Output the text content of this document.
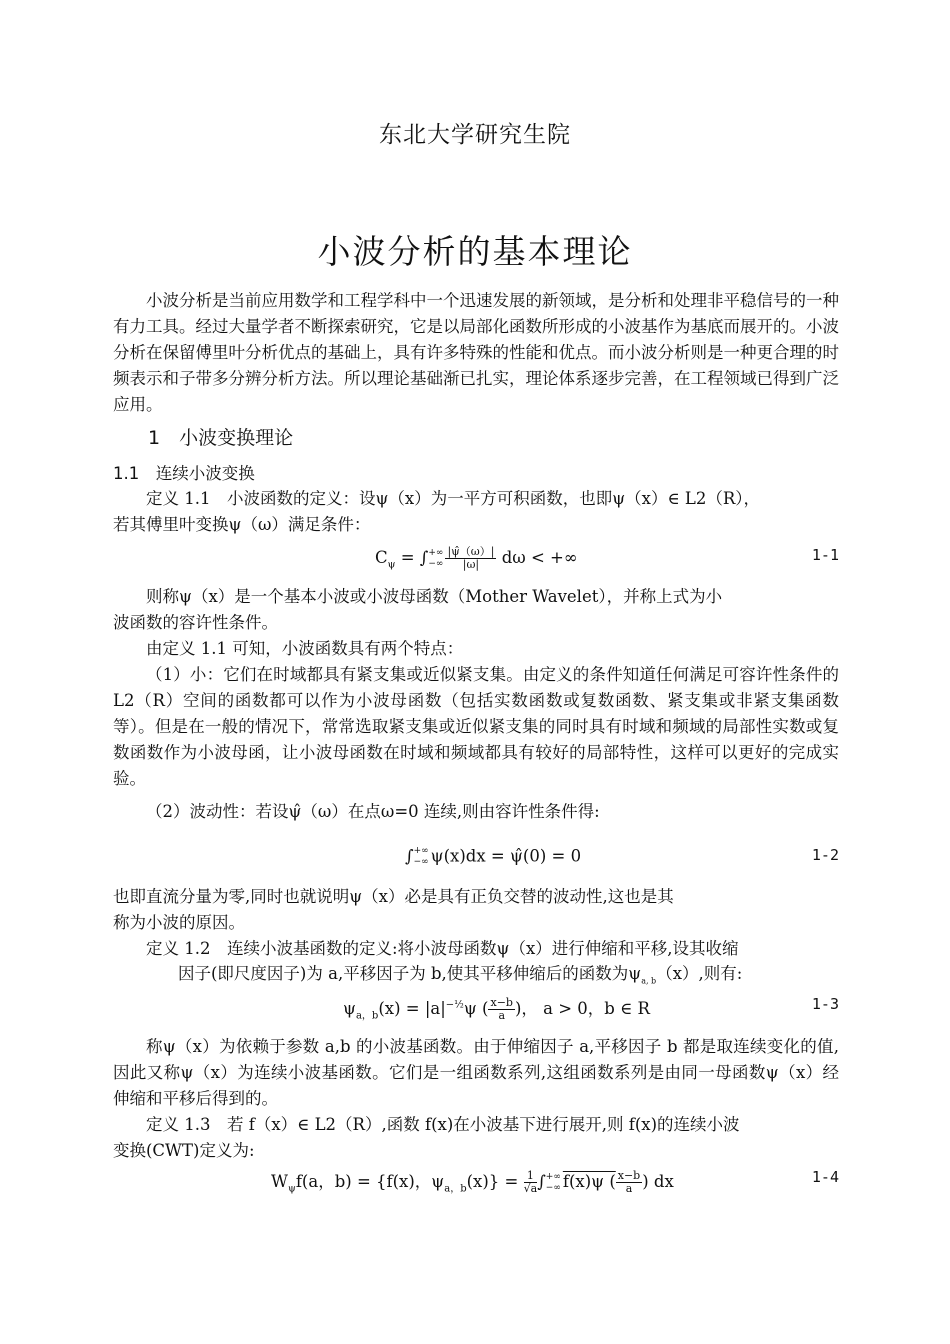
东北大学研究生院
小波分析的基本理论

小波分析是当前应用数学和工程学科中一个迅速发展的新领域，是分析和处理非平稳信号的一种有力工具。经过大量学者不断探索研究，它是以局部化函数所形成的小波基作为基底而展开的。小波分析在保留傅里叶分析优点的基础上，具有许多特殊的性能和优点。而小波分析则是一种更合理的时频表示和子带多分辨分析方法。所以理论基础渐已扎实，理论体系逐步完善，在工程领域已得到广泛应用。

1　小波变换理论
1.1　连续小波变换

定义 1.1　小波函数的定义：设ψ（x）为一平方可积函数，也即ψ（x）∈ L2（R），

若其傅里叶变换ψ（ω）满足条件：

$C_\psi$ = ∫ +∞
−∞ $\frac{|\psî(\omega)|}{|\omega|}$ dω < +∞	1-1

则称ψ（x）是一个基本小波或小波母函数（Mother Wavelet），并称上式为小

波函数的容许性条件。

由定义 1.1 可知，小波函数具有两个特点：

（1）小：它们在时域都具有紧支集或近似紧支集。由定义的条件知道任何满足可容许性条件的 L2（R）空间的函数都可以作为小波母函数（包括实数函数或复数函数、紧支集或非紧支集函数等）。但是在一般的情况下，常常选取紧支集或近似紧支集的同时具有时域和频域的局部性实数或复数函数作为小波母函，让小波母函数在时域和频域都具有较好的局部特性，这样可以更好的完成实验。

（2）波动性：若设ψ̂（ω）在点ω=0 连续,则由容许性条件得:

∫ +∞
−∞ ψ(x)dx = ψ̂(0) = 0	1-2

也即直流分量为零,同时也就说明ψ（x）必是具有正负交替的波动性,这也是其

称为小波的原因。

定义 1.2　连续小波基函数的定义:将小波母函数ψ（x）进行伸缩和平移,设其收缩

因子(即尺度因子)为 a,平移因子为 b,使其平移伸缩后的函数为$\psi_{a, b}(x)$,则有:
$\psi_{a,b}(x) = |a|^{-\frac{1}{2}}\psi$ ( $\frac{x-b}{a}$ )， a > 0，b ∈ R	1-3

称ψ（x）为依赖于参数 a,b 的小波基函数。由于伸缩因子 a,平移因子 b 都是取连续变化的值,因此又称ψ（x）为连续小波基函数。它们是一组函数系列,这组函数系列是由同一母函数ψ（x）经伸缩和平移后得到的。

定义 1.3　若 f（x）∈ L2（R）,函数 f(x)在小波基下进行展开,则 f(x)的连续小波

变换(CWT)定义为:

$W_\psi f(a$，b) = {f(x)，$\psi_{a,b}(x)\} = \frac{1}{√a}$ ∫ +∞
−∞ f(x)ψ ( $\frac{x-b}{a}$ ) dx	1-4
